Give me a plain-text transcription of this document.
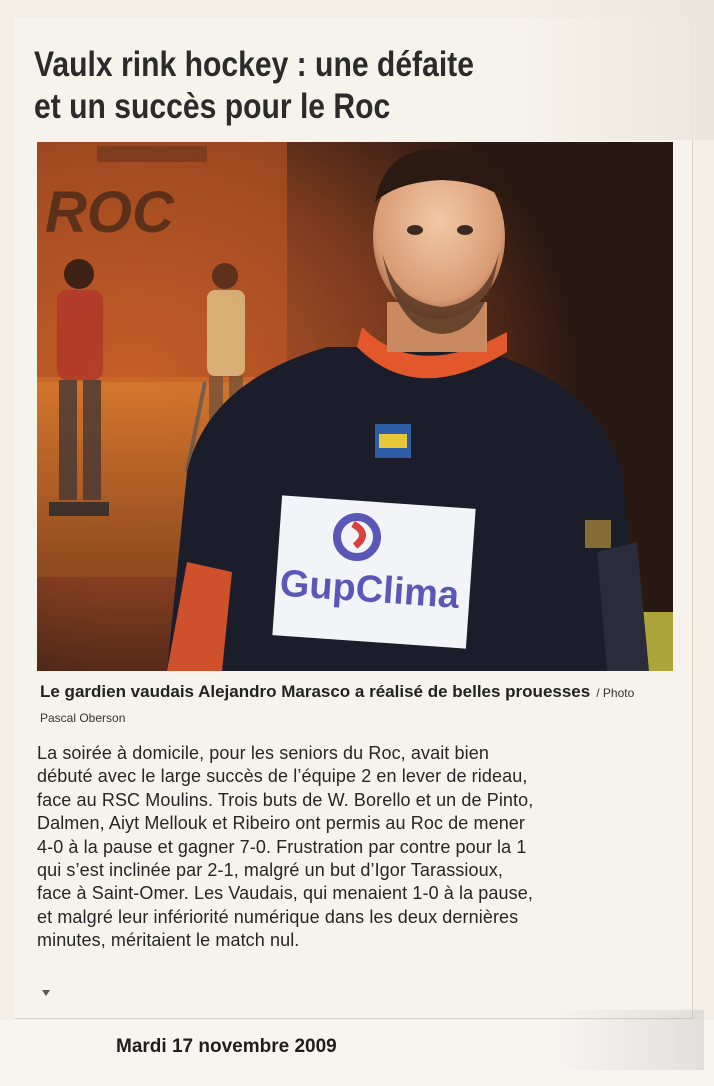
Vaulx rink hockey : une défaite
et un succès pour le Roc
ROC
GupClima

Le gardien vaudais Alejandro Marasco a réalisé de belles prouesses / Photo Pascal Oberson

La soirée à domicile, pour les seniors du Roc, avait bien
débuté avec le large succès de l’équipe 2 en lever de rideau,
face au RSC Moulins. Trois buts de W. Borello et un de Pinto,
Dalmen, Aiyt Mellouk et Ribeiro ont permis au Roc de mener
4-0 à la pause et gagner 7-0. Frustration par contre pour la 1
qui s’est inclinée par 2-1, malgré un but d’Igor Tarassioux,
face à Saint-Omer. Les Vaudais, qui menaient 1-0 à la pause,
et malgré leur infériorité numérique dans les deux dernières
minutes, méritaient le match nul.

Mardi 17 novembre 2009
